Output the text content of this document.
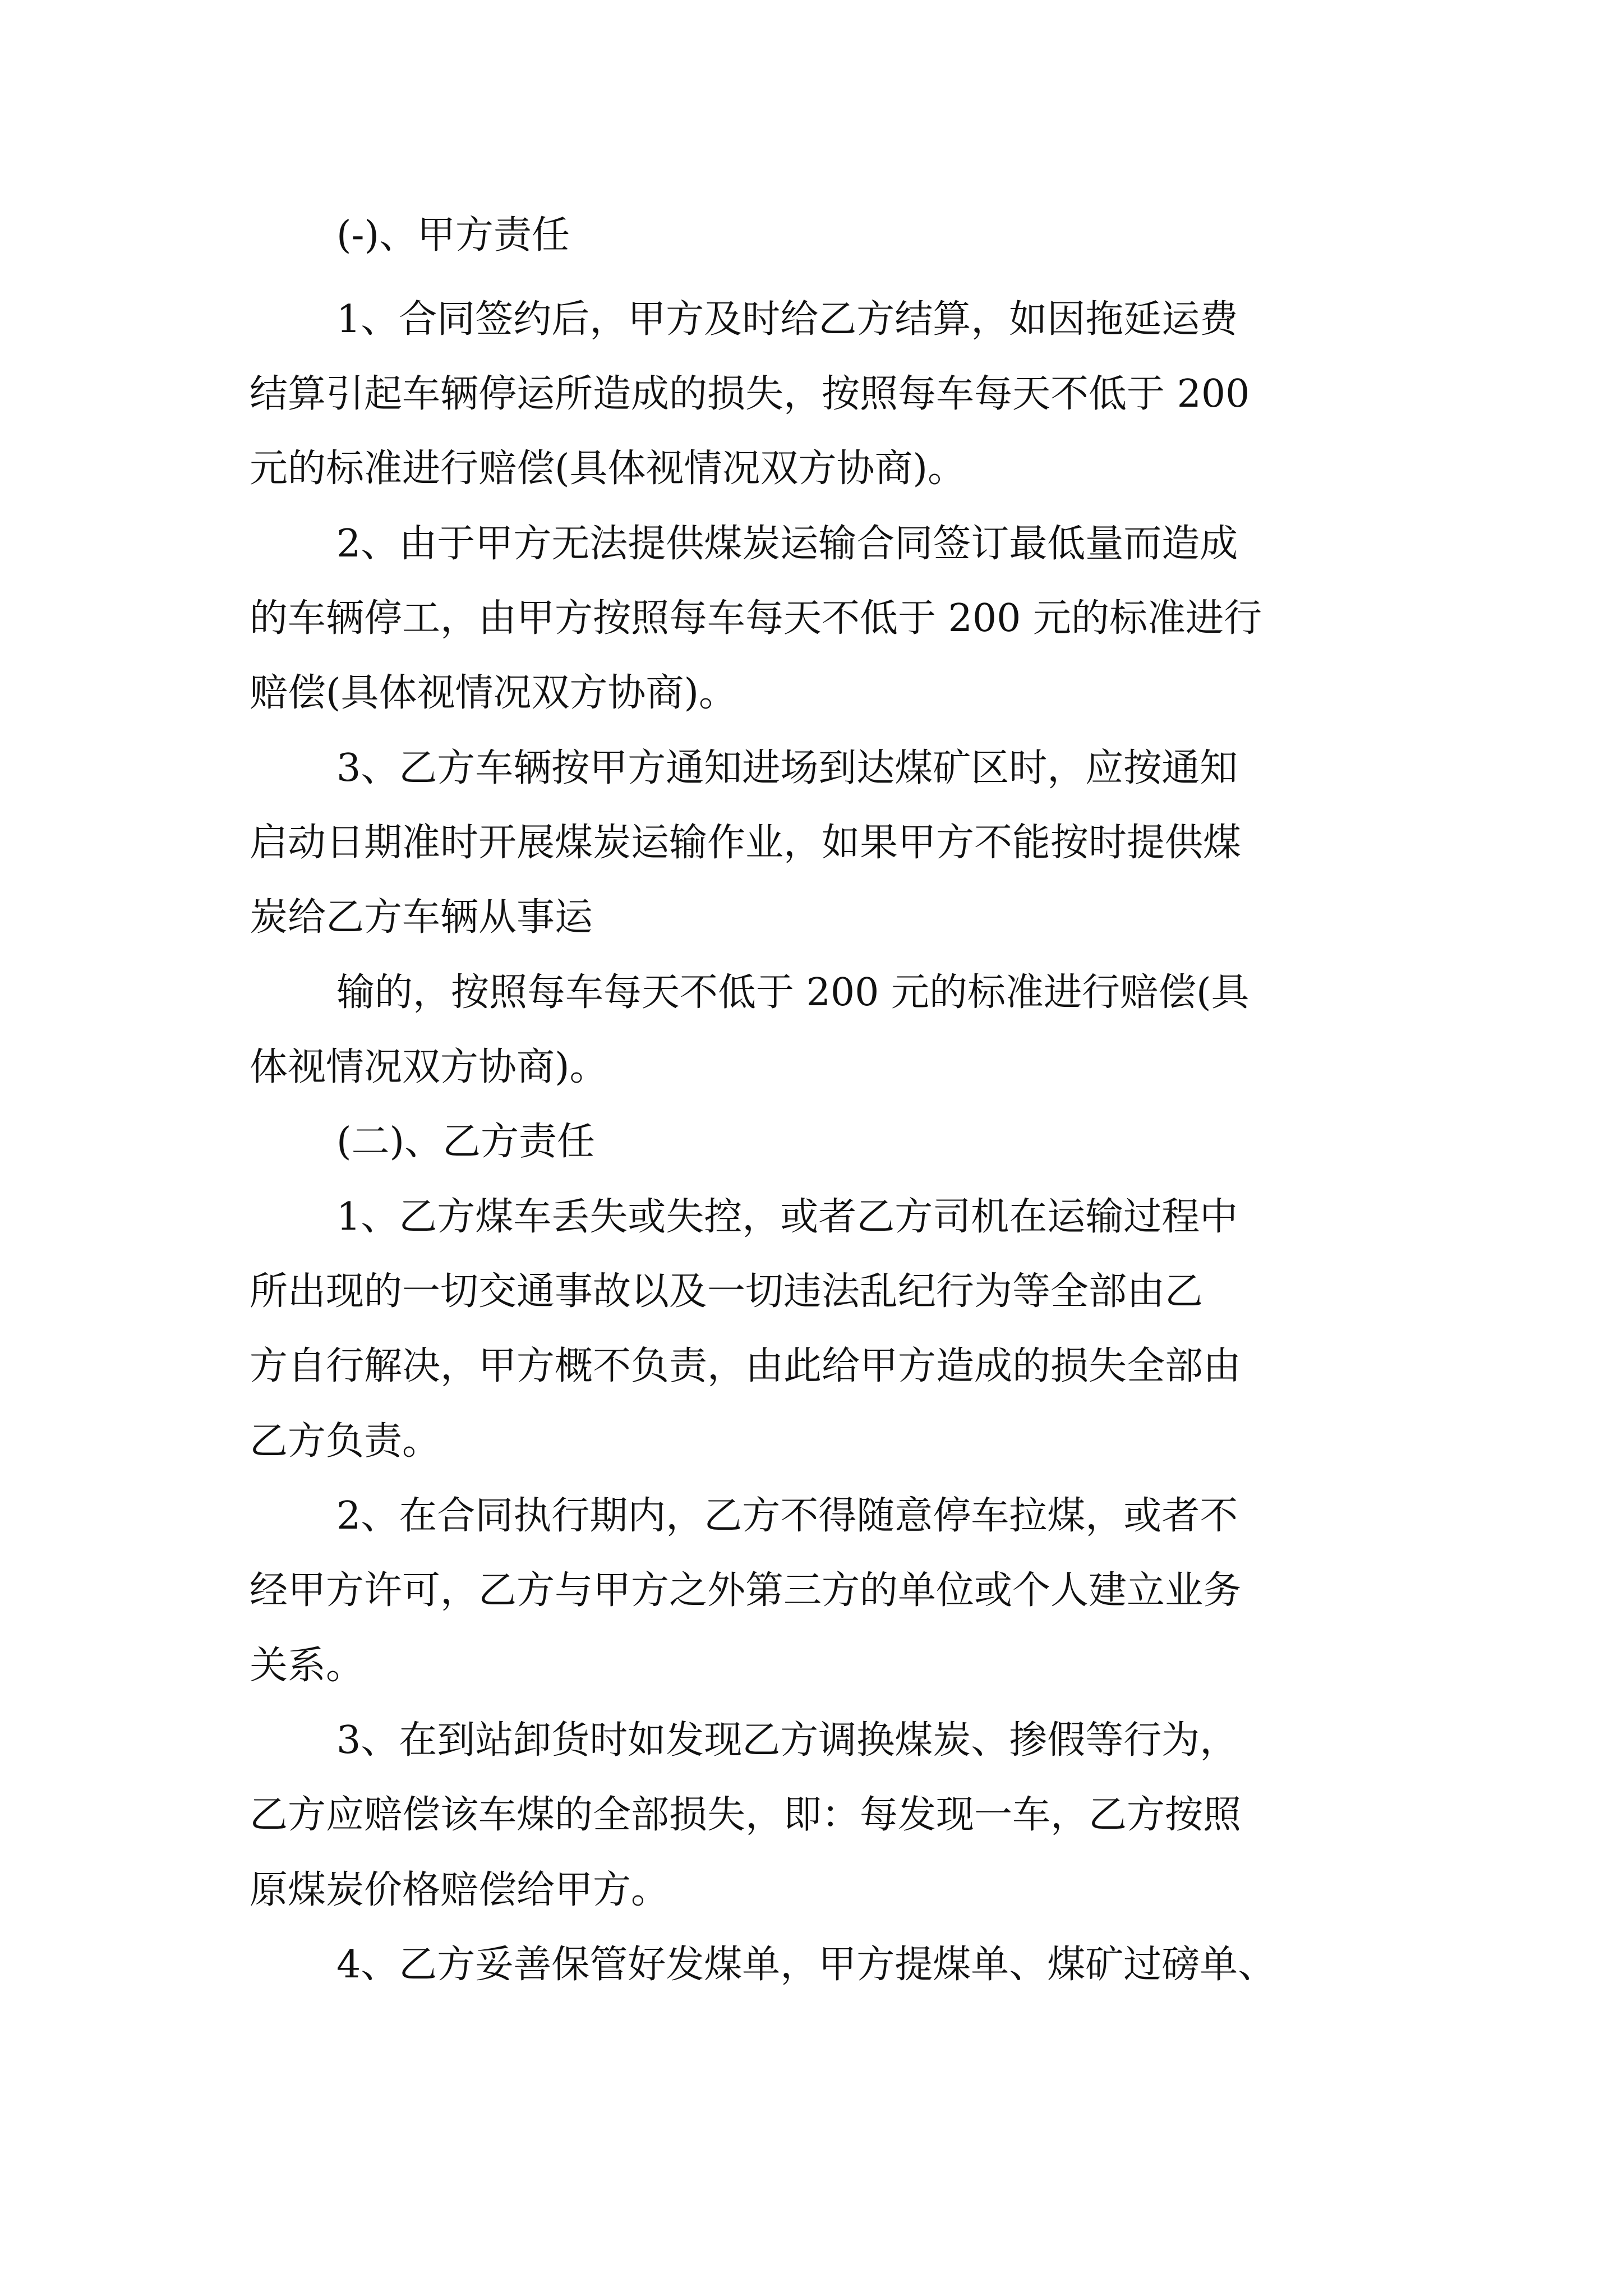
(-)、甲方责任
1、合同签约后，甲方及时给乙方结算，如因拖延运费
结算引起车辆停运所造成的损失，按照每车每天不低于 200
元的标准进行赔偿(具体视情况双方协商)。
2、由于甲方无法提供煤炭运输合同签订最低量而造成
的车辆停工，由甲方按照每车每天不低于 200 元的标准进行
赔偿(具体视情况双方协商)。
3、乙方车辆按甲方通知进场到达煤矿区时，应按通知
启动日期准时开展煤炭运输作业，如果甲方不能按时提供煤
炭给乙方车辆从事运
输的，按照每车每天不低于 200 元的标准进行赔偿(具
体视情况双方协商)。
(二)、乙方责任
1、乙方煤车丢失或失控，或者乙方司机在运输过程中
所出现的一切交通事故以及一切违法乱纪行为等全部由乙
方自行解决，甲方概不负责，由此给甲方造成的损失全部由
乙方负责。
2、在合同执行期内，乙方不得随意停车拉煤，或者不
经甲方许可，乙方与甲方之外第三方的单位或个人建立业务
关系。
3、在到站卸货时如发现乙方调换煤炭、掺假等行为，
乙方应赔偿该车煤的全部损失，即：每发现一车，乙方按照
原煤炭价格赔偿给甲方。
4、乙方妥善保管好发煤单，甲方提煤单、煤矿过磅单、
